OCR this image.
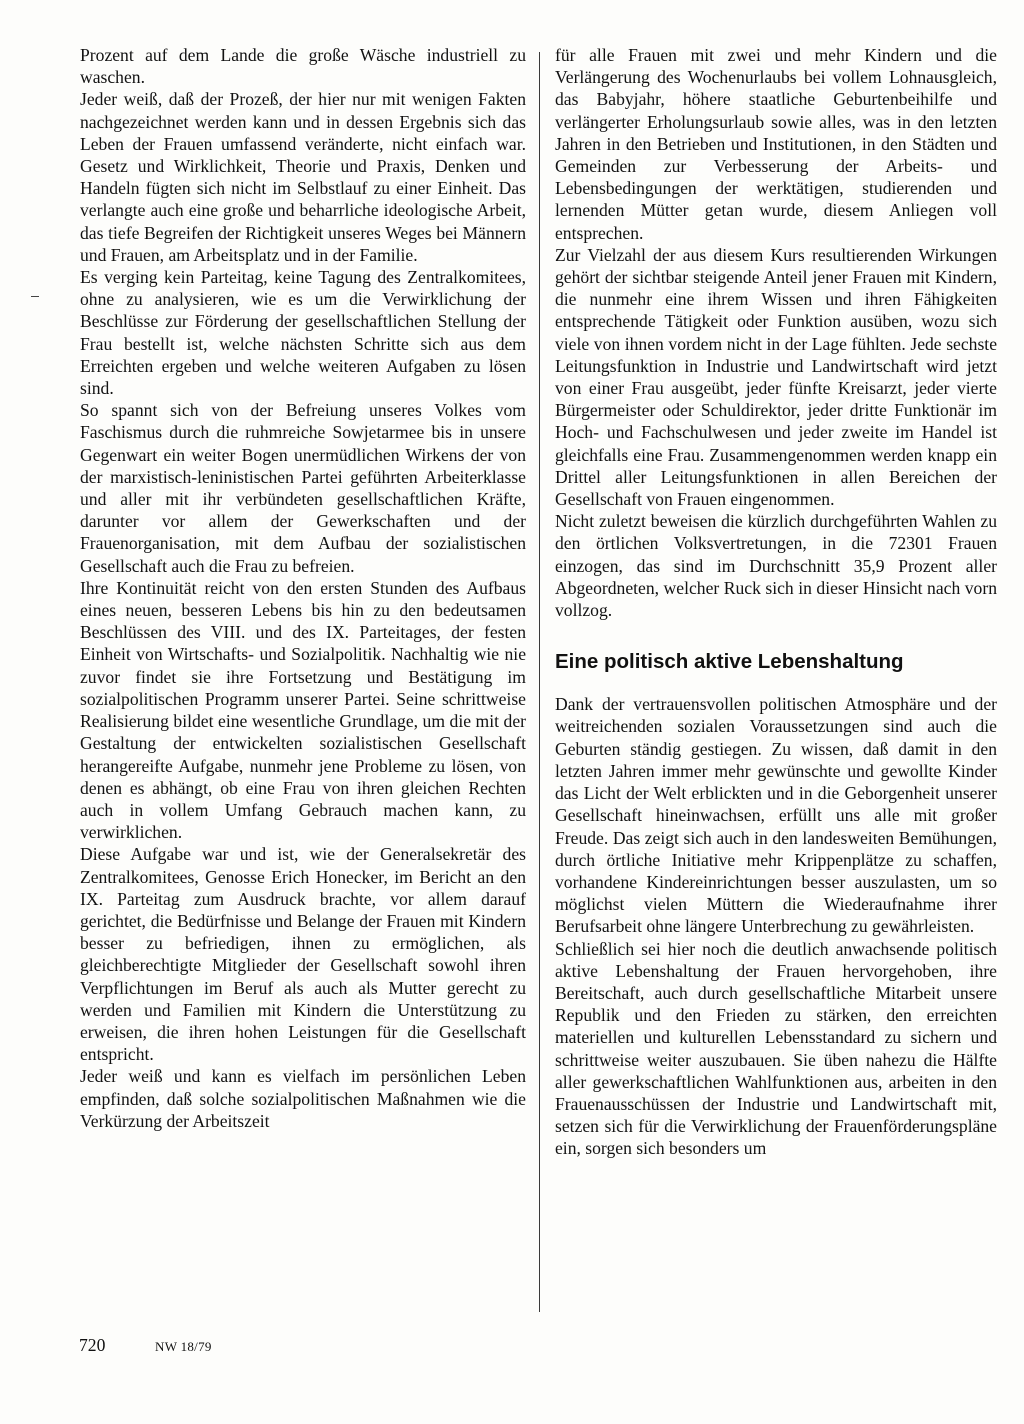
Prozent auf dem Lande die große Wäsche industriell zu waschen.

Jeder weiß, daß der Prozeß, der hier nur mit wenigen Fakten nachgezeichnet werden kann und in dessen Ergebnis sich das Leben der Frauen umfassend veränderte, nicht einfach war. Gesetz und Wirklichkeit, Theorie und Praxis, Denken und Handeln fügten sich nicht im Selbstlauf zu einer Einheit. Das verlangte auch eine große und beharrliche ideologische Arbeit, das tiefe Begreifen der Richtigkeit unseres Weges bei Männern und Frauen, am Arbeitsplatz und in der Familie.

Es verging kein Parteitag, keine Tagung des Zentralkomitees, ohne zu analysieren, wie es um die Verwirklichung der Beschlüsse zur Förderung der gesellschaftlichen Stellung der Frau bestellt ist, welche nächsten Schritte sich aus dem Erreichten ergeben und welche weiteren Aufgaben zu lösen sind.

So spannt sich von der Befreiung unseres Volkes vom Faschismus durch die ruhmreiche Sowjetarmee bis in unsere Gegenwart ein weiter Bogen unermüdlichen Wirkens der von der marxistisch-leninistischen Partei geführten Arbeiterklasse und aller mit ihr verbündeten gesellschaftlichen Kräfte, darunter vor allem der Gewerkschaften und der Frauenorganisation, mit dem Aufbau der sozialistischen Gesellschaft auch die Frau zu befreien.

Ihre Kontinuität reicht von den ersten Stunden des Aufbaus eines neuen, besseren Lebens bis hin zu den bedeutsamen Beschlüssen des VIII. und des IX. Parteitages, der festen Einheit von Wirtschafts- und Sozialpolitik. Nachhaltig wie nie zuvor findet sie ihre Fortsetzung und Bestätigung im sozialpolitischen Programm unserer Partei. Seine schrittweise Realisierung bildet eine wesentliche Grundlage, um die mit der Gestaltung der entwickelten sozialistischen Gesellschaft herangereifte Aufgabe, nunmehr jene Probleme zu lösen, von denen es abhängt, ob eine Frau von ihren gleichen Rechten auch in vollem Umfang Gebrauch machen kann, zu verwirklichen.

Diese Aufgabe war und ist, wie der Generalsekretär des Zentralkomitees, Genosse Erich Honecker, im Bericht an den IX. Parteitag zum Ausdruck brachte, vor allem darauf gerichtet, die Bedürfnisse und Belange der Frauen mit Kindern besser zu befriedigen, ihnen zu ermöglichen, als gleichberechtigte Mitglieder der Gesellschaft sowohl ihren Verpflichtungen im Beruf als auch als Mutter gerecht zu werden und Familien mit Kindern die Unterstützung zu erweisen, die ihren hohen Leistungen für die Gesellschaft entspricht.

Jeder weiß und kann es vielfach im persönlichen Leben empfinden, daß solche sozialpolitischen Maßnahmen wie die Verkürzung der Arbeitszeit

für alle Frauen mit zwei und mehr Kindern und die Verlängerung des Wochenurlaubs bei vollem Lohnausgleich, das Babyjahr, höhere staatliche Geburtenbeihilfe und verlängerter Erholungsurlaub sowie alles, was in den letzten Jahren in den Betrieben und Institutionen, in den Städten und Gemeinden zur Verbesserung der Arbeits- und Lebensbedingungen der werktätigen, studierenden und lernenden Mütter getan wurde, diesem Anliegen voll entsprechen.

Zur Vielzahl der aus diesem Kurs resultierenden Wirkungen gehört der sichtbar steigende Anteil jener Frauen mit Kindern, die nunmehr eine ihrem Wissen und ihren Fähigkeiten entsprechende Tätigkeit oder Funktion ausüben, wozu sich viele von ihnen vordem nicht in der Lage fühlten. Jede sechste Leitungsfunktion in Industrie und Landwirtschaft wird jetzt von einer Frau ausgeübt, jeder fünfte Kreisarzt, jeder vierte Bürgermeister oder Schuldirektor, jeder dritte Funktionär im Hoch- und Fachschulwesen und jeder zweite im Handel ist gleichfalls eine Frau. Zusammengenommen werden knapp ein Drittel aller Leitungsfunktionen in allen Bereichen der Gesellschaft von Frauen eingenommen.

Nicht zuletzt beweisen die kürzlich durchgeführten Wahlen zu den örtlichen Volksvertretungen, in die 72301 Frauen einzogen, das sind im Durchschnitt 35,9 Prozent aller Abgeordneten, welcher Ruck sich in dieser Hinsicht nach vorn vollzog.

Eine politisch aktive Lebenshaltung

Dank der vertrauensvollen politischen Atmosphäre und der weitreichenden sozialen Voraussetzungen sind auch die Geburten ständig gestiegen. Zu wissen, daß damit in den letzten Jahren immer mehr gewünschte und gewollte Kinder das Licht der Welt erblickten und in die Geborgenheit unserer Gesellschaft hineinwachsen, erfüllt uns alle mit großer Freude. Das zeigt sich auch in den landesweiten Bemühungen, durch örtliche Initiative mehr Krippenplätze zu schaffen, vorhandene Kindereinrichtungen besser auszulasten, um so möglichst vielen Müttern die Wiederaufnahme ihrer Berufsarbeit ohne längere Unterbrechung zu gewährleisten.

Schließlich sei hier noch die deutlich anwachsende politisch aktive Lebenshaltung der Frauen hervorgehoben, ihre Bereitschaft, auch durch gesellschaftliche Mitarbeit unsere Republik und den Frieden zu stärken, den erreichten materiellen und kulturellen Lebensstandard zu sichern und schrittweise weiter auszubauen. Sie üben nahezu die Hälfte aller gewerkschaftlichen Wahlfunktionen aus, arbeiten in den Frauenausschüssen der Industrie und Landwirtschaft mit, setzen sich für die Verwirklichung der Frauenförderungspläne ein, sorgen sich besonders um

720	NW 18/79
